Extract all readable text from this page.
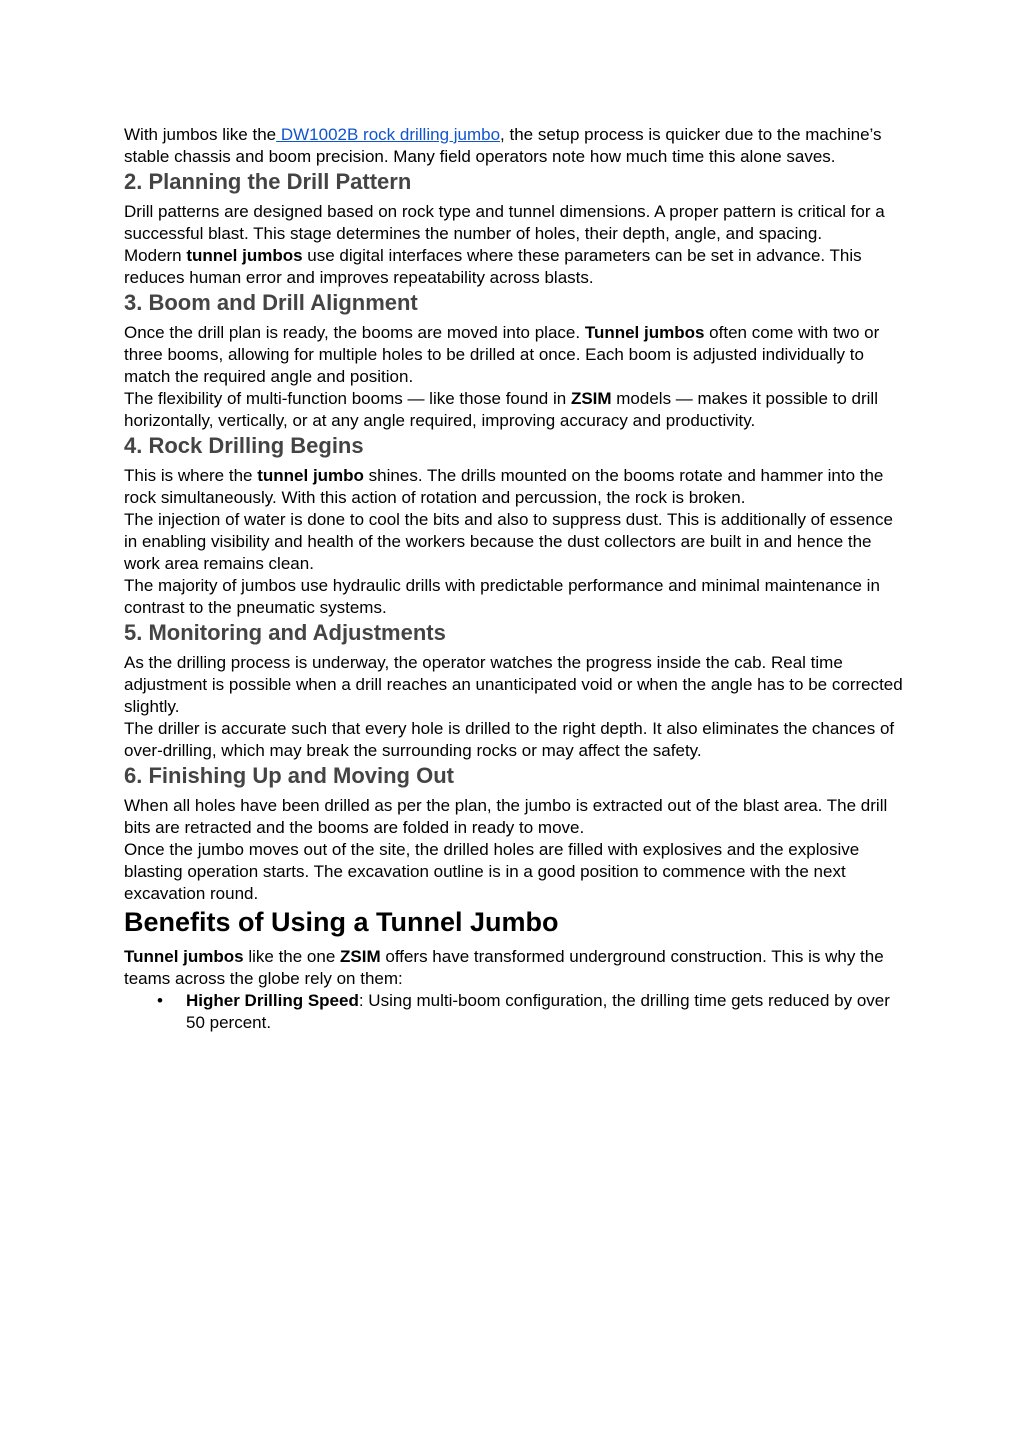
With jumbos like the DW1002B rock drilling jumbo, the setup process is quicker due to the machine’s stable chassis and boom precision. Many field operators note how much time this alone saves.

2. Planning the Drill Pattern

Drill patterns are designed based on rock type and tunnel dimensions. A proper pattern is critical for a successful blast. This stage determines the number of holes, their depth, angle, and spacing.

Modern tunnel jumbos use digital interfaces where these parameters can be set in advance. This reduces human error and improves repeatability across blasts.

3. Boom and Drill Alignment

Once the drill plan is ready, the booms are moved into place. Tunnel jumbos often come with two or three booms, allowing for multiple holes to be drilled at once. Each boom is adjusted individually to match the required angle and position.

The flexibility of multi-function booms — like those found in ZSIM models — makes it possible to drill horizontally, vertically, or at any angle required, improving accuracy and productivity.

4. Rock Drilling Begins

This is where the tunnel jumbo shines. The drills mounted on the booms rotate and hammer into the rock simultaneously. With this action of rotation and percussion, the rock is broken.

The injection of water is done to cool the bits and also to suppress dust. This is additionally of essence in enabling visibility and health of the workers because the dust collectors are built in and hence the work area remains clean.

The majority of jumbos use hydraulic drills with predictable performance and minimal maintenance in contrast to the pneumatic systems.

5. Monitoring and Adjustments

As the drilling process is underway, the operator watches the progress inside the cab. Real time adjustment is possible when a drill reaches an unanticipated void or when the angle has to be corrected slightly.

The driller is accurate such that every hole is drilled to the right depth. It also eliminates the chances of over-drilling, which may break the surrounding rocks or may affect the safety.

6. Finishing Up and Moving Out

When all holes have been drilled as per the plan, the jumbo is extracted out of the blast area. The drill bits are retracted and the booms are folded in ready to move.

Once the jumbo moves out of the site, the drilled holes are filled with explosives and the explosive blasting operation starts. The excavation outline is in a good position to commence with the next excavation round.

Benefits of Using a Tunnel Jumbo

Tunnel jumbos like the one ZSIM offers have transformed underground construction. This is why the teams across the globe rely on them:

• Higher Drilling Speed: Using multi-boom configuration, the drilling time gets reduced by over 50 percent.
